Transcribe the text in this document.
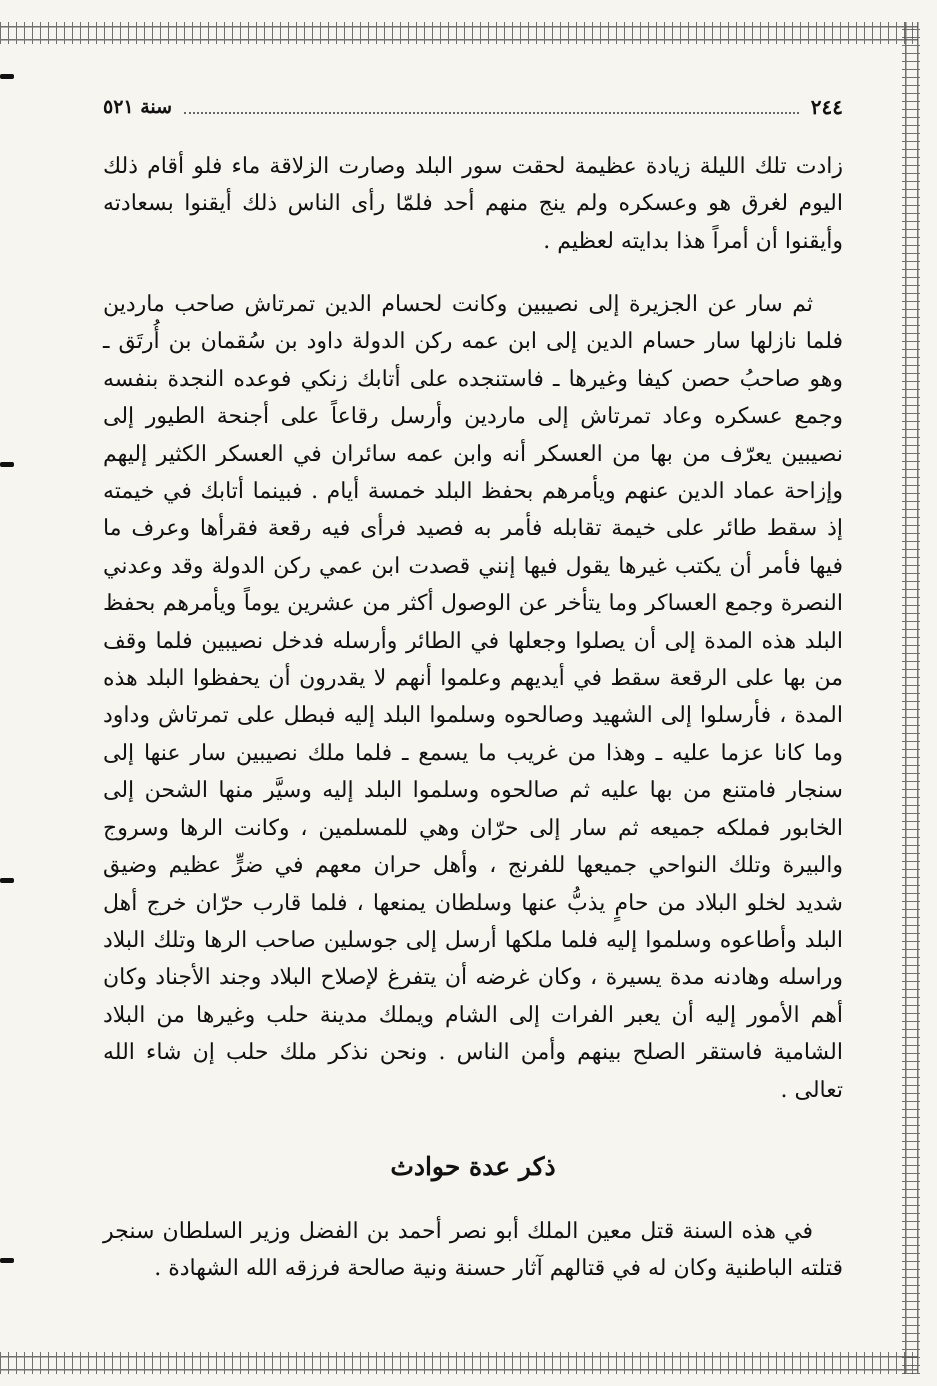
٢٤٤
سنة ٥٢١

زادت تلك الليلة زيادة عظيمة لحقت سور البلد وصارت الزلاقة ماء فلو أقام ذلك اليوم لغرق هو وعسكره ولم ينج منهم أحد فلمّا رأى الناس ذلك أيقنوا بسعادته وأيقنوا أن أمراً هذا بدايته لعظيم .

ثم سار عن الجزيرة إلى نصيبين وكانت لحسام الدين تمرتاش صاحب ماردين فلما نازلها سار حسام الدين إلى ابن عمه ركن الدولة داود بن سُقمان بن أُرتَق ـ وهو صاحبُ حصن كيفا وغيرها ـ فاستنجده على أتابك زنكي فوعده النجدة بنفسه وجمع عسكره وعاد تمرتاش إلى ماردين وأرسل رقاعاً على أجنحة الطيور إلى نصيبين يعرّف من بها من العسكر أنه وابن عمه سائران في العسكر الكثير إليهم وإزاحة عماد الدين عنهم ويأمرهم بحفظ البلد خمسة أيام . فبينما أتابك في خيمته إذ سقط طائر على خيمة تقابله فأمر به فصيد فرأى فيه رقعة فقرأها وعرف ما فيها فأمر أن يكتب غيرها يقول فيها إنني قصدت ابن عمي ركن الدولة وقد وعدني النصرة وجمع العساكر وما يتأخر عن الوصول أكثر من عشرين يوماً ويأمرهم بحفظ البلد هذه المدة إلى أن يصلوا وجعلها في الطائر وأرسله فدخل نصيبين فلما وقف من بها على الرقعة سقط في أيديهم وعلموا أنهم لا يقدرون أن يحفظوا البلد هذه المدة ، فأرسلوا إلى الشهيد وصالحوه وسلموا البلد إليه فبطل على تمرتاش وداود وما كانا عزما عليه ـ وهذا من غريب ما يسمع ـ فلما ملك نصيبين سار عنها إلى سنجار فامتنع من بها عليه ثم صالحوه وسلموا البلد إليه وسيَّر منها الشحن إلى الخابور فملكه جميعه ثم سار إلى حرّان وهي للمسلمين ، وكانت الرها وسروج والبيرة وتلك النواحي جميعها للفرنج ، وأهل حران معهم في ضرٍّ عظيم وضيق شديد لخلو البلاد من حامٍ يذبُّ عنها وسلطان يمنعها ، فلما قارب حرّان خرج أهل البلد وأطاعوه وسلموا إليه فلما ملكها أرسل إلى جوسلين صاحب الرها وتلك البلاد وراسله وهادنه مدة يسيرة ، وكان غرضه أن يتفرغ لإصلاح البلاد وجند الأجناد وكان أهم الأمور إليه أن يعبر الفرات إلى الشام ويملك مدينة حلب وغيرها من البلاد الشامية فاستقر الصلح بينهم وأمن الناس . ونحن نذكر ملك حلب إن شاء الله تعالى .

ذكر عدة حوادث

في هذه السنة قتل معين الملك أبو نصر أحمد بن الفضل وزير السلطان سنجر قتلته الباطنية وكان له في قتالهم آثار حسنة ونية صالحة فرزقه الله الشهادة .
